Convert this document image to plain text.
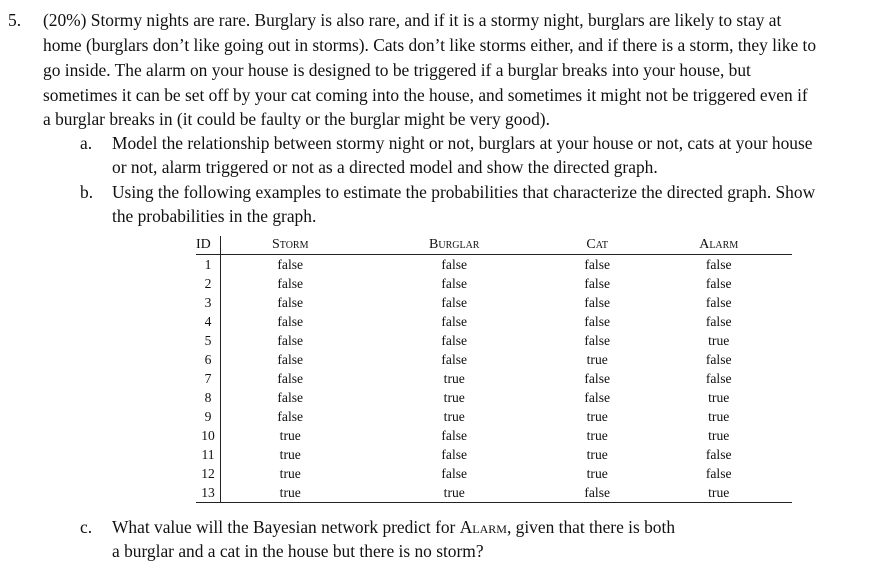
5. (20%) Stormy nights are rare. Burglary is also rare, and if it is a stormy night, burglars are likely to stay at
home (burglars don’t like going out in storms). Cats don’t like storms either, and if there is a storm, they like to
go inside. The alarm on your house is designed to be triggered if a burglar breaks into your house, but
sometimes it can be set off by your cat coming into the house, and sometimes it might not be triggered even if
a burglar breaks in (it could be faulty or the burglar might be very good).
a. Model the relationship between stormy night or not, burglars at your house or not, cats at your house
or not, alarm triggered or not as a directed model and show the directed graph.
b. Using the following examples to estimate the probabilities that characterize the directed graph. Show
the probabilities in the graph.
ID	Storm	Burglar	Cat	Alarm
1	false	false	false	false
2	false	false	false	false
3	false	false	false	false
4	false	false	false	false
5	false	false	false	true
6	false	false	true	false
7	false	true	false	false
8	false	true	false	true
9	false	true	true	true
10	true	false	true	true
11	true	false	true	false
12	true	false	true	false
13	true	true	false	true
c. What value will the Bayesian network predict for Alarm, given that there is both
a burglar and a cat in the house but there is no storm?
